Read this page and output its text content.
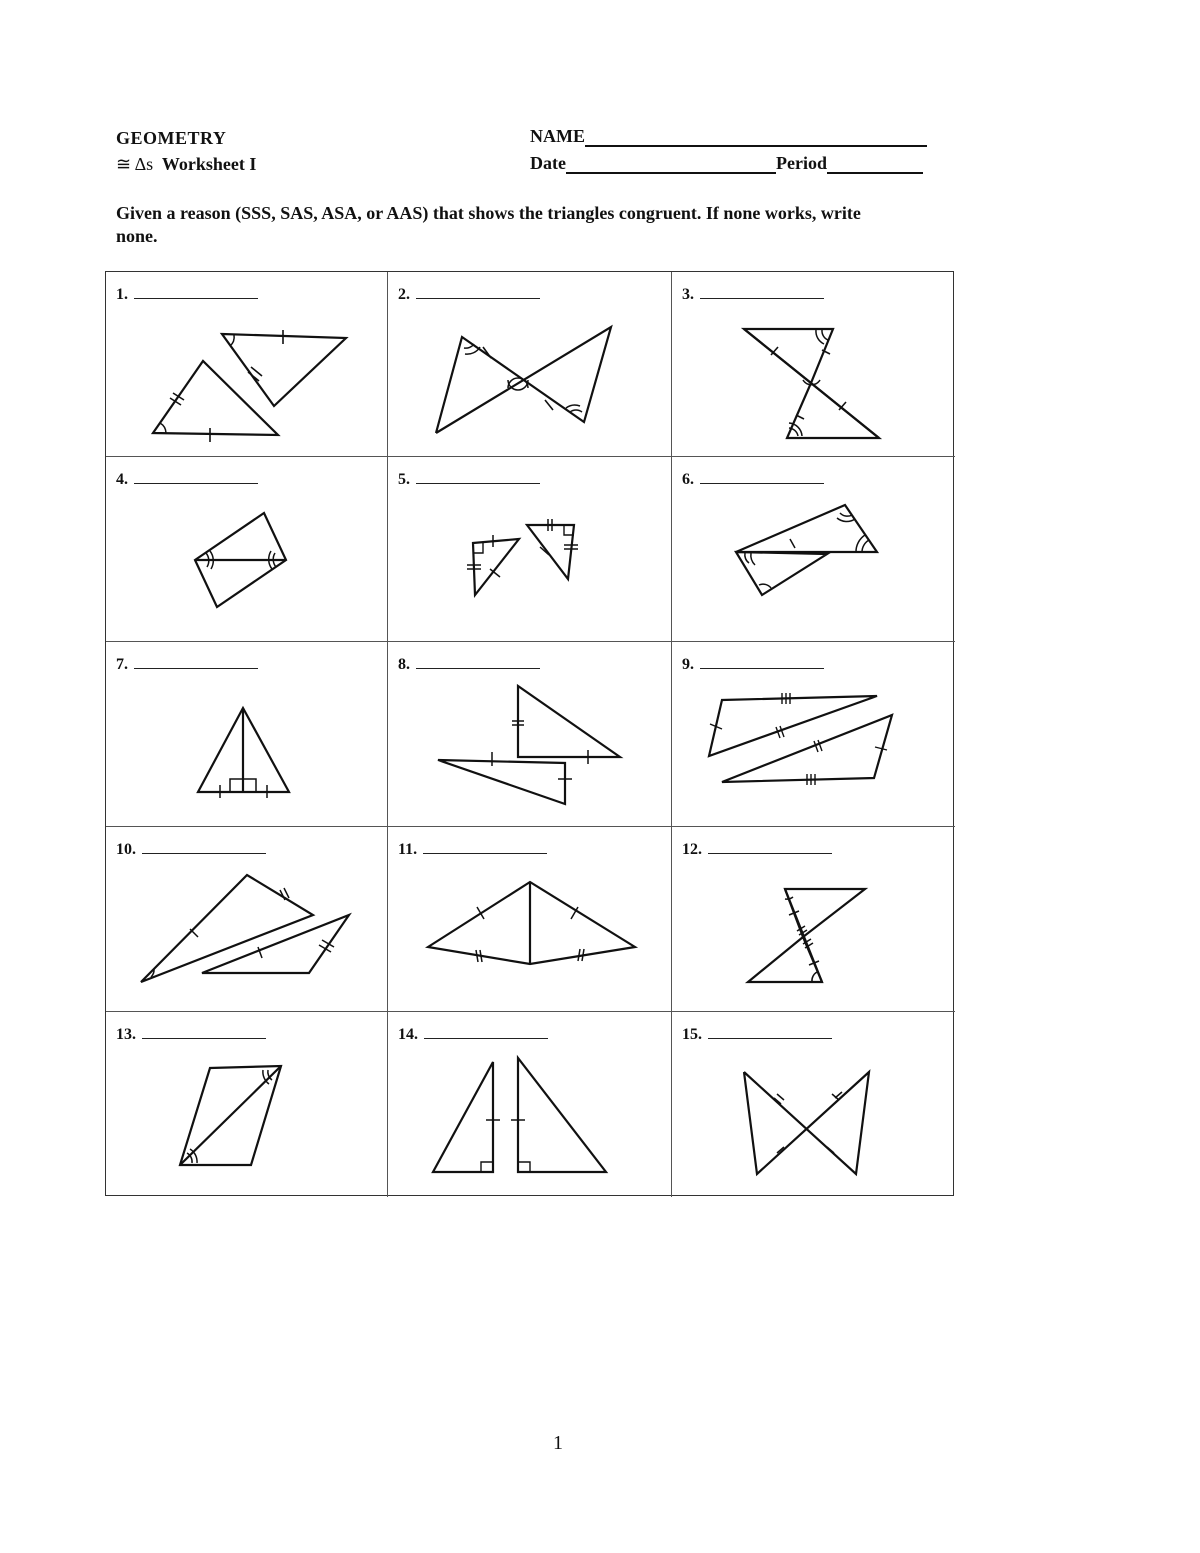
GEOMETRY
≅ Δs Worksheet I
NAME
Date	Period
Given a reason (SSS, SAS, ASA, or AAS) that shows the triangles congruent. If none works, write none.
1.	2.	3.
4.	5.	6.
7.	8.	9.
10.	11.	12.
13.	14.	15.
1
